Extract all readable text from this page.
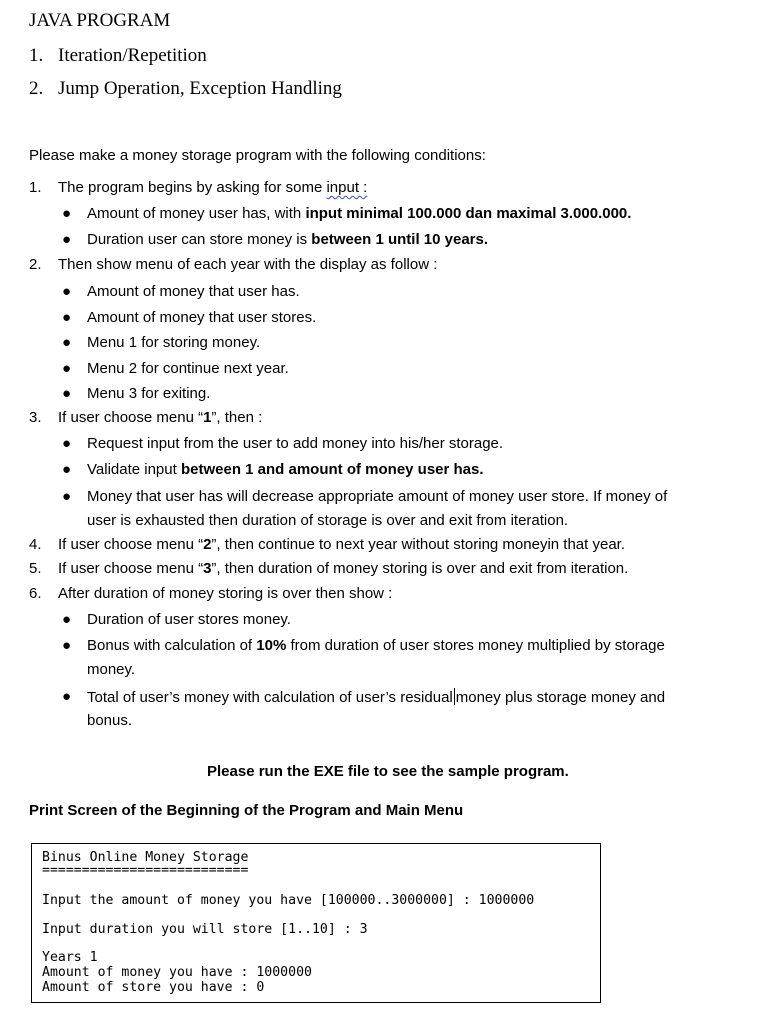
JAVA PROGRAM
1. Iteration/Repetition
2. Jump Operation, Exception Handling
Please make a money storage program with the following conditions:
1. The program begins by asking for some input :
● Amount of money user has, with input minimal 100.000 dan maximal 3.000.000.
● Duration user can store money is between 1 until 10 years.
2. Then show menu of each year with the display as follow :
● Amount of money that user has.
● Amount of money that user stores.
● Menu 1 for storing money.
● Menu 2 for continue next year.
● Menu 3 for exiting.
3. If user choose menu “1”, then :
● Request input from the user to add money into his/her storage.
● Validate input between 1 and amount of money user has.
● Money that user has will decrease appropriate amount of money user store. If money of
user is exhausted then duration of storage is over and exit from iteration.
4. If user choose menu “2”, then continue to next year without storing moneyin that year.
5. If user choose menu “3”, then duration of money storing is over and exit from iteration.
6. After duration of money storing is over then show :
● Duration of user stores money.
● Bonus with calculation of 10% from duration of user stores money multiplied by storage
money.
● Total of user’s money with calculation of user’s residual money plus storage money and
bonus.
Please run the EXE file to see the sample program.
Print Screen of the Beginning of the Program and Main Menu
Binus Online Money Storage
==========================
Input the amount of money you have [100000..3000000] : 1000000
Input duration you will store [1..10] : 3
Years 1
Amount of money you have : 1000000
Amount of store you have : 0
